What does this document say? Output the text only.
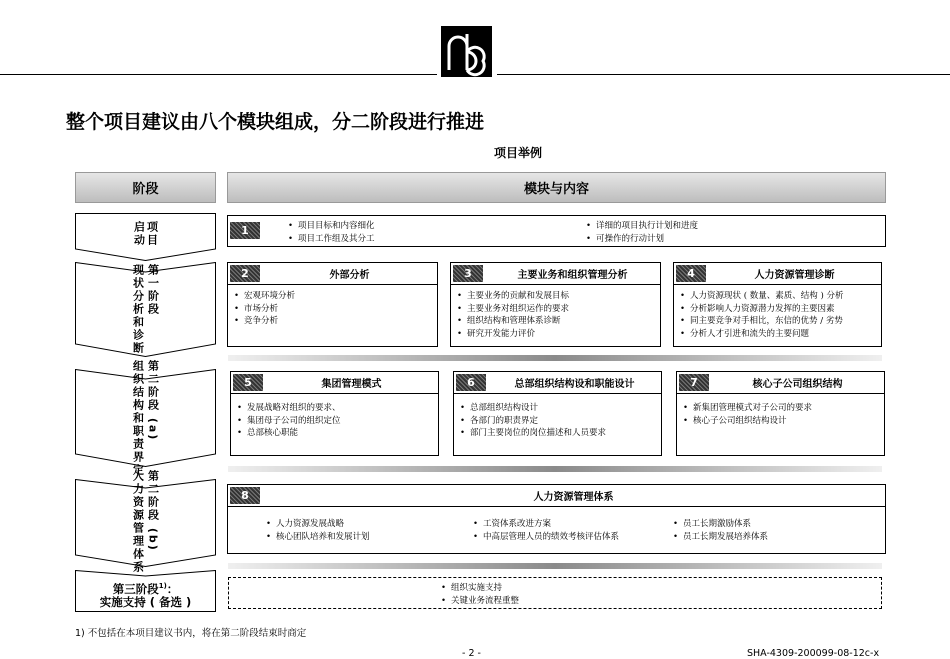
整个项目建议由八个模块组成，分二阶段进行推进
项目举例
阶段	模块与内容
项目启动
第一阶段
现状分析和诊断
第二阶段 (a)
组织结构和职责界定
第二阶段 (b)
人力资源管理体系
第三阶段$^{1)}$：
实施支持 ( 备选 )
1
•	项目目标和内容细化
• 项目工作组及其分工
• 详细的项目执行计划和进度
• 可操作的行动计划
2	外部分析
• 宏观环境分析
• 市场分析
• 竞争分析
3	主要业务和组织管理分析
• 主要业务的贡献和发展目标
• 主要业务对组织运作的要求
• 组织结构和管理体系诊断
• 研究开发能力评价
4	人力资源管理诊断
• 人力资源现状 ( 数量、素质、结构 ) 分析
• 分析影响人力资源潜力发挥的主要因素
• 同主要竞争对手相比，东信的优势 / 劣势
• 分析人才引进和流失的主要问题
5	集团管理模式
• 发展战略对组织的要求、
• 集团母子公司的组织定位
• 总部核心职能
6	总部组织结构设和职能设计
• 总部组织结构设计
• 各部门的职责界定
• 部门主要岗位的岗位描述和人员要求
7	核心子公司组织结构
• 新集团管理模式对子公司的要求
• 核心子公司组织结构设计
8	人力资源管理体系
• 人力资源发展战略
• 核心团队培养和发展计划
• 工资体系改进方案
• 中高层管理人员的绩效考核评估体系
• 员工长期激励体系
• 员工长期发展培养体系
• 组织实施支持
• 关键业务流程重整
1) 不包括在本项目建议书内，将在第二阶段结束时商定
- 2 -	SHA-4309-200099-08-12c-x
